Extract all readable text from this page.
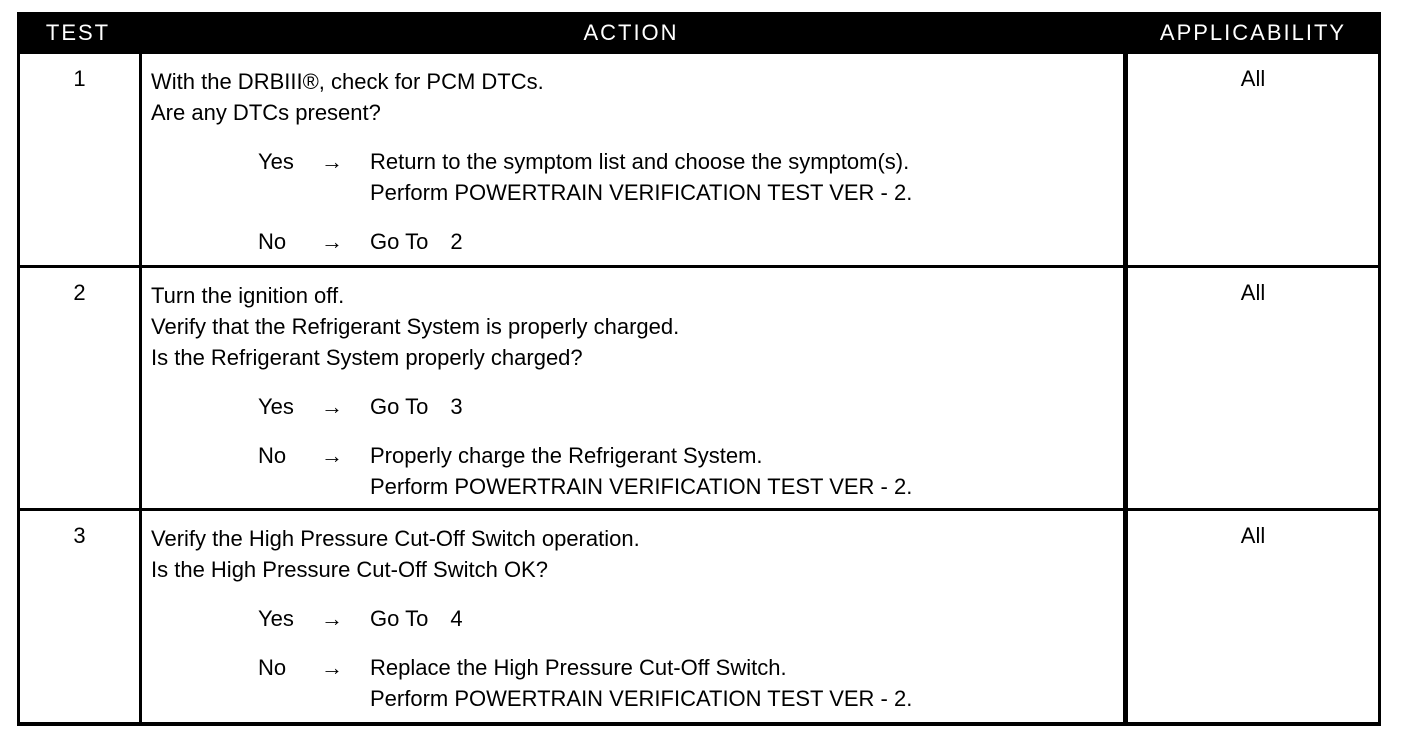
TEST	ACTION	APPLICABILITY
1	With the DRBIII®, check for PCM DTCs.
Are any DTCs present?
Yes → Return to the symptom list and choose the symptom(s).
Perform POWERTRAIN VERIFICATION TEST VER - 2.
No → Go To 2
All
2	Turn the ignition off.
Verify that the Refrigerant System is properly charged.
Is the Refrigerant System properly charged?
Yes → Go To 3
No → Properly charge the Refrigerant System.
Perform POWERTRAIN VERIFICATION TEST VER - 2.
All
3	Verify the High Pressure Cut-Off Switch operation.
Is the High Pressure Cut-Off Switch OK?
Yes → Go To 4
No → Replace the High Pressure Cut-Off Switch.
Perform POWERTRAIN VERIFICATION TEST VER - 2.
All
